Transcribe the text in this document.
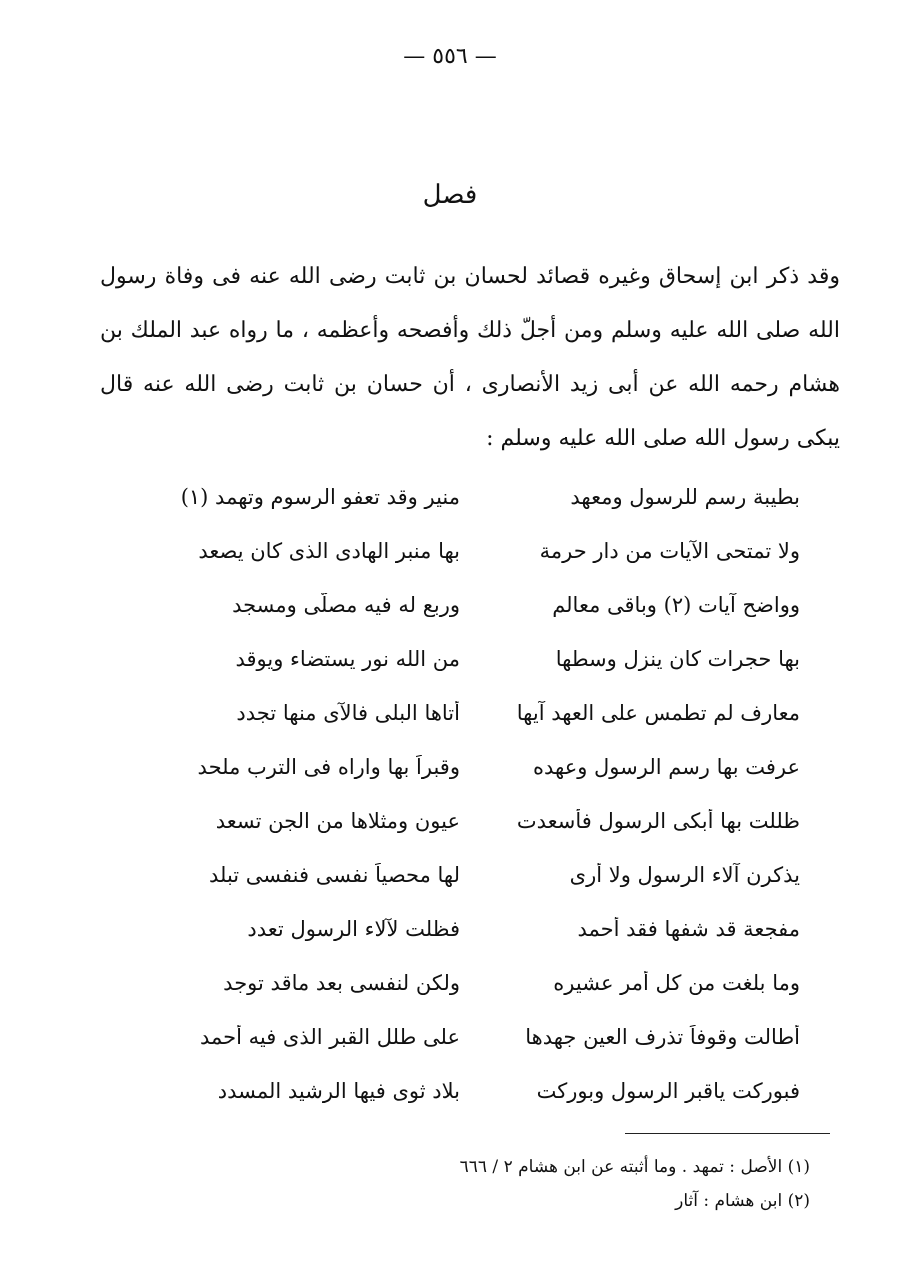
— ٥٥٦ —
فصل

وقد ذكر ابن إسحاق وغيره قصائد لحسان بن ثابت رضى الله عنه فى وفاة رسول الله صلى الله عليه وسلم ومن أجلّ ذلك وأفصحه وأعظمه ، ما رواه عبد الملك بن هشام رحمه الله عن أبى زيد الأنصارى ، أن حسان بن ثابت رضى الله عنه قال يبكى رسول الله صلى الله عليه وسلم :

بطيبة رسم للرسول ومعهد
منير وقد تعفو الرسوم وتهمد (١)
ولا تمتحى الآيات من دار حرمة
بها منبر الهادى الذى كان يصعد
وواضح آيات (٢) وباقى معالم
وربع له فيه مصلّى ومسجد
بها حجرات كان ينزل وسطها
من الله نور يستضاء ويوقد
معارف لم تطمس على العهد آيها
أتاها البلى فالآى منها تجدد
عرفت بها رسم الرسول وعهده
وقبراً بها واراه فى الترب ملحد
ظللت بها أبكى الرسول فأسعدت
عيون ومثلاها من الجن تسعد
يذكرن آلاء الرسول ولا أرى
لها محصياً نفسى فنفسى تبلد
مفجعة قد شفها فقد أحمد
فظلت لآلاء الرسول تعدد
وما بلغت من كل أمر عشيره
ولكن لنفسى بعد ماقد توجد
أطالت وقوفاً تذرف العين جهدها
على طلل القبر الذى فيه أحمد
فبوركت ياقبر الرسول وبوركت
بلاد ثوى فيها الرشيد المسدد
(١) الأصل : تمهد . وما أثبته عن ابن هشام ٢ / ٦٦٦
(٢) ابن هشام : آثار
